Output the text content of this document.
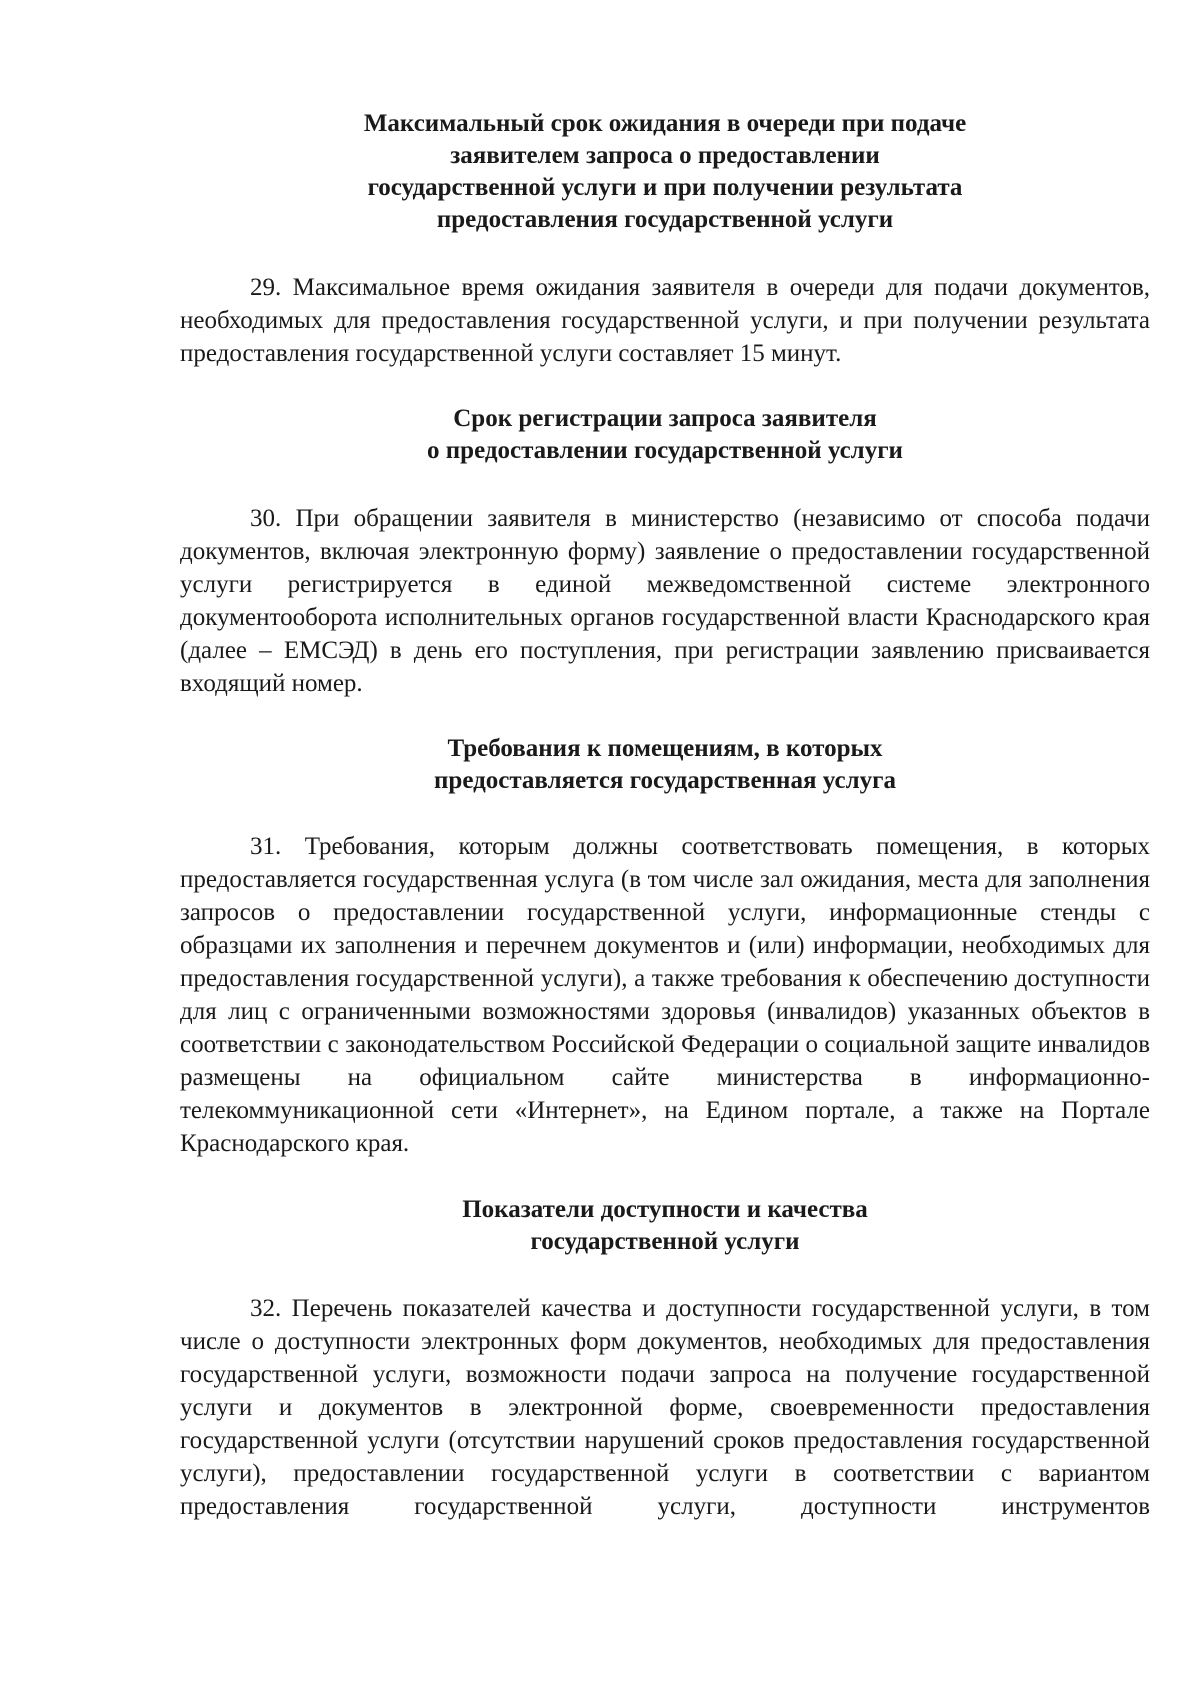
Максимальный срок ожидания в очереди при подаче
заявителем запроса о предоставлении
государственной услуги и при получении результата
предоставления государственной услуги

29. Максимальное время ожидания заявителя в очереди для подачи документов, необходимых для предоставления государственной услуги, и при получении результата предоставления государственной услуги составляет 15 минут.

Срок регистрации запроса заявителя
о предоставлении государственной услуги

30. При обращении заявителя в министерство (независимо от способа подачи документов, включая электронную форму) заявление о предоставлении государственной услуги регистрируется в единой межведомственной системе электронного документооборота исполнительных органов государственной власти Краснодарского края (далее – ЕМСЭД) в день его поступления, при регистрации заявлению присваивается входящий номер.

Требования к помещениям, в которых
предоставляется государственная услуга

31. Требования, которым должны соответствовать помещения, в которых предоставляется государственная услуга (в том числе зал ожидания, места для заполнения запросов о предоставлении государственной услуги, информационные стенды с образцами их заполнения и перечнем документов и (или) информации, необходимых для предоставления государственной услуги), а также требования к обеспечению доступности для лиц с ограниченными возможностями здоровья (инвалидов) указанных объектов в соответствии с законодательством Российской Федерации о социальной защите инвалидов размещены на официальном сайте министерства в информационно-телекоммуникационной сети «Интернет», на Едином портале, а также на Портале Краснодарского края.

Показатели доступности и качества
государственной услуги

32. Перечень показателей качества и доступности государственной услуги, в том числе о доступности электронных форм документов, необходимых для предоставления государственной услуги, возможности подачи запроса на получение государственной услуги и документов в электронной форме, своевременности предоставления государственной услуги (отсутствии нарушений сроков предоставления государственной услуги), предоставлении государственной услуги в соответствии с вариантом предоставления государственной услуги, доступности инструментов
